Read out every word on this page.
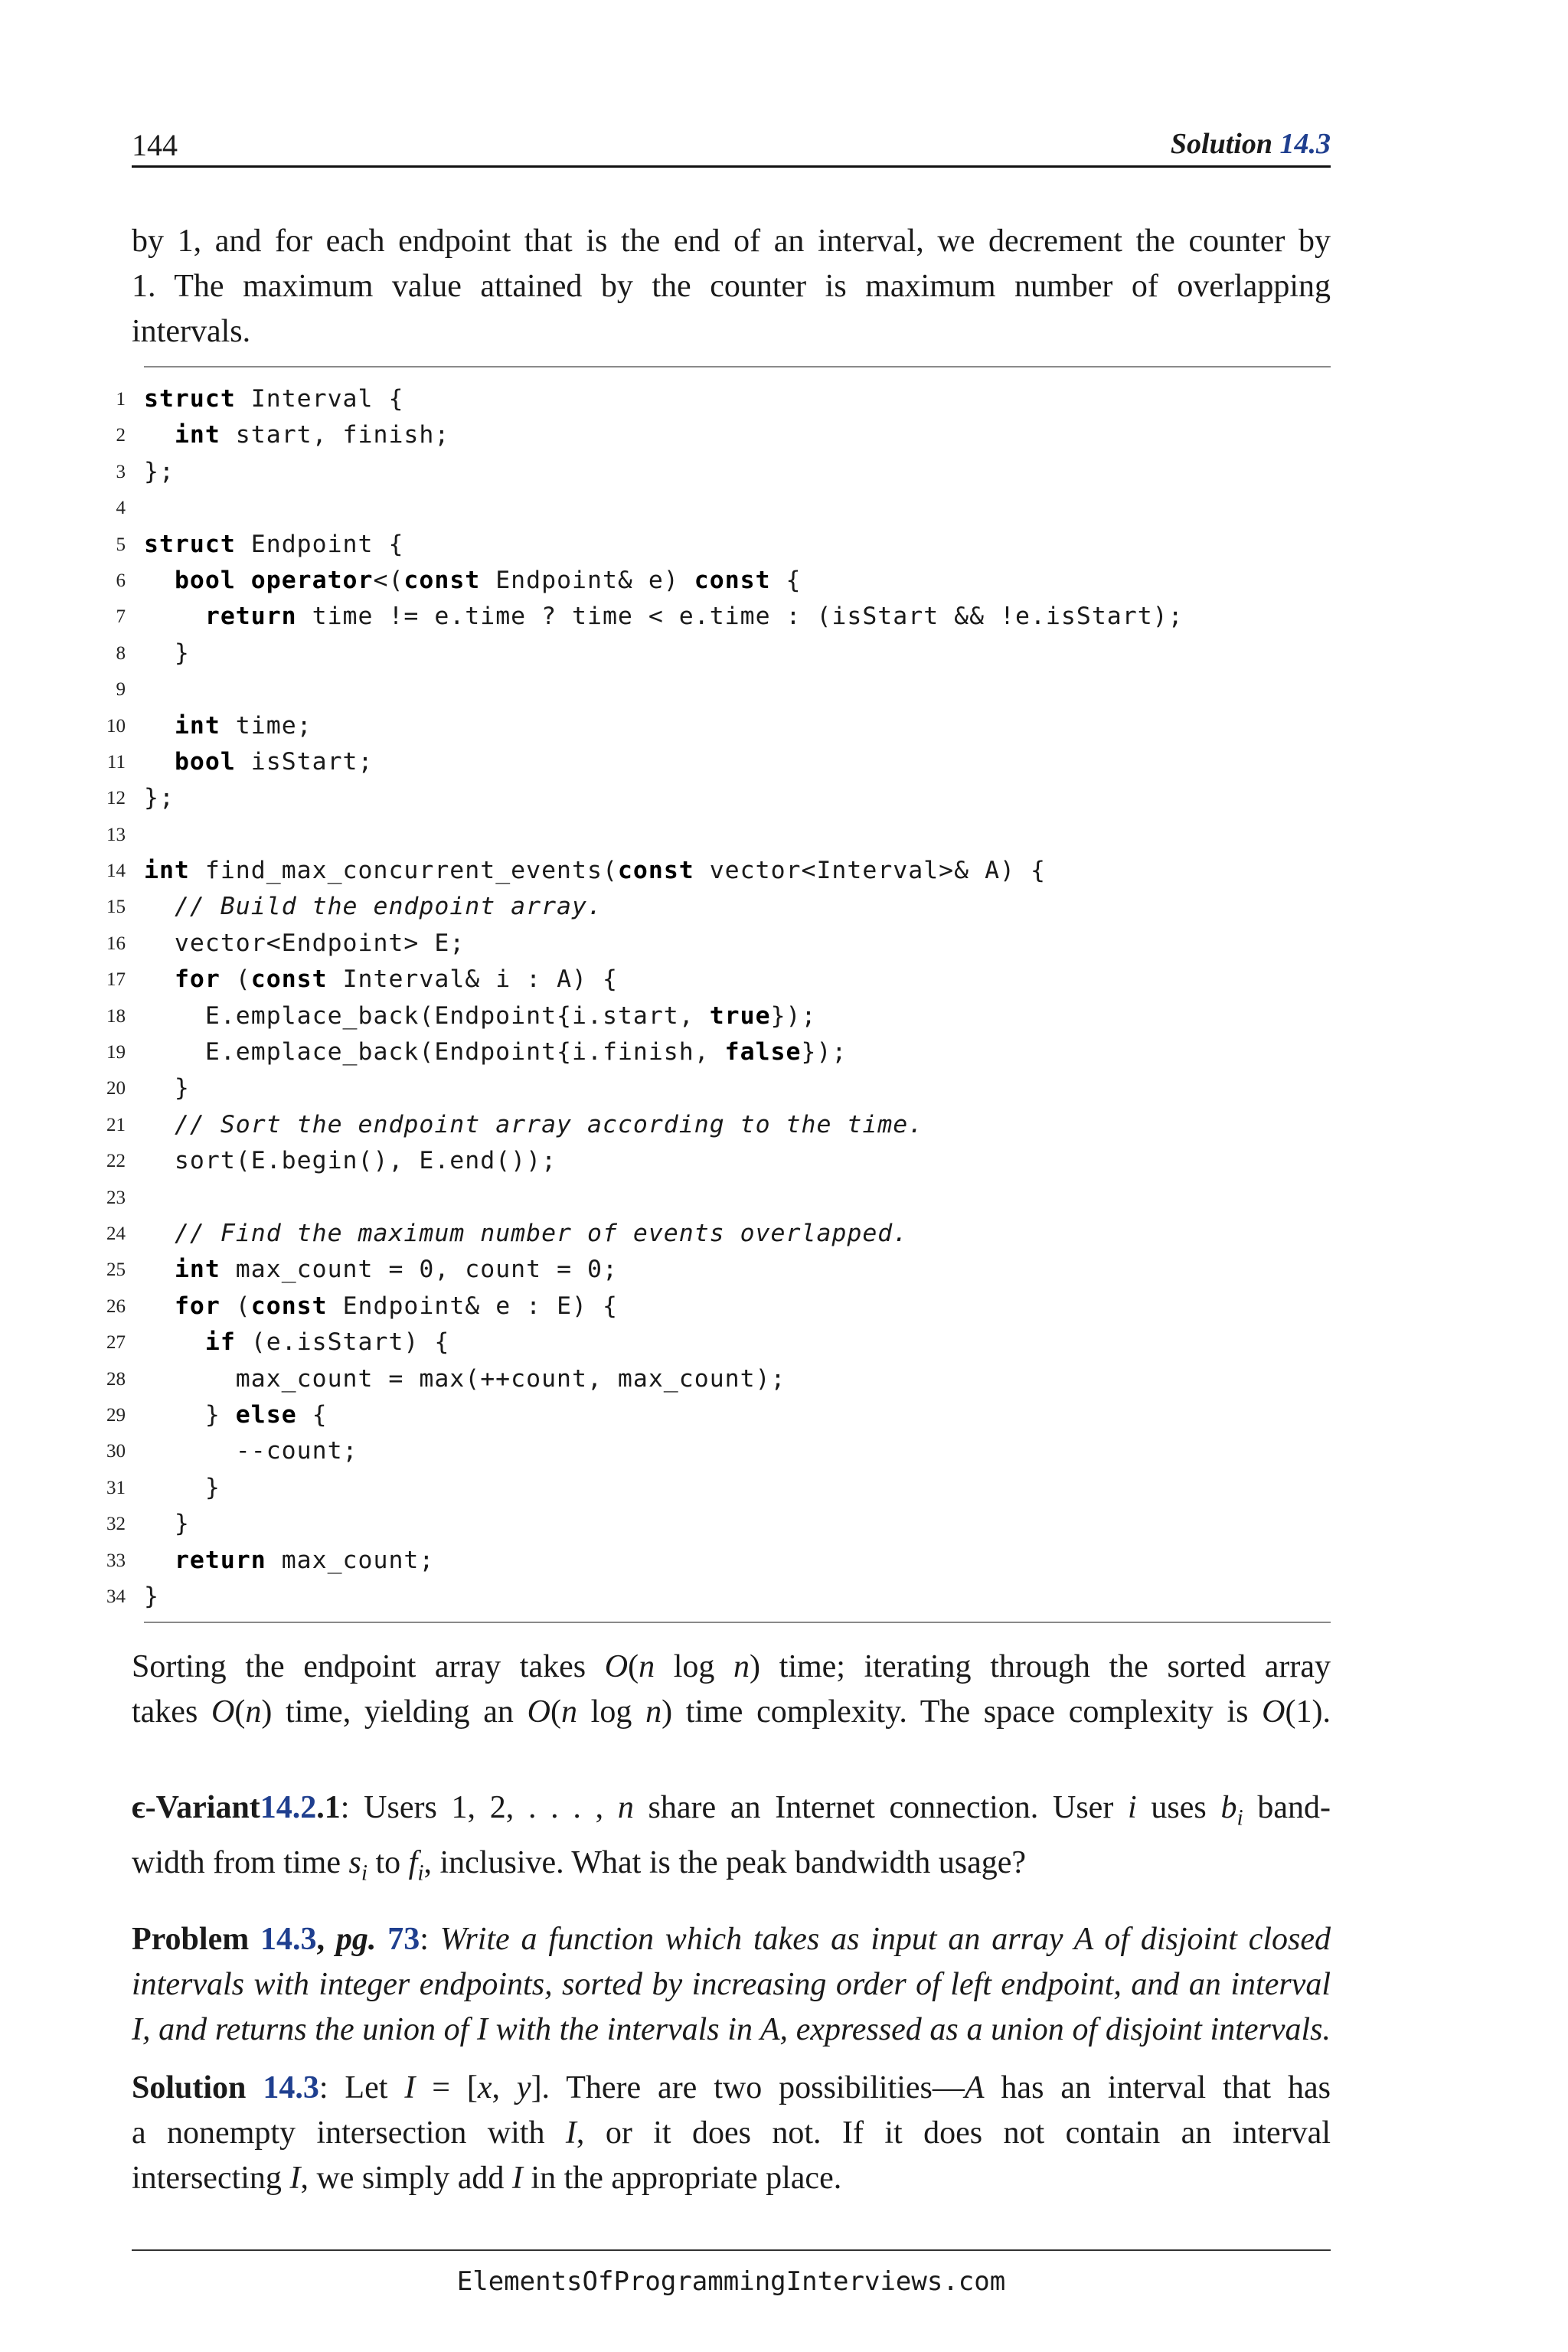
144	Solution 14.3
by 1, and for each endpoint that is the end of an interval, we decrement the counter by
1. The maximum value attained by the counter is maximum number of overlapping
intervals.
1 struct Interval {
2	int start, finish;
3 };
4
5 struct Endpoint {
6	bool operator<(const Endpoint& e) const {
7	return time != e.time ? time < e.time : (isStart && !e.isStart);
8 }
9
10	int time;
11	bool isStart;
12 };
13
14 int find_max_concurrent_events(const vector<Interval>& A) {
15	// Build the endpoint array.
16 vector<Endpoint> E;
17	for (const Interval& i : A) {
18 E.emplace_back(Endpoint{i.start, true});
19 E.emplace_back(Endpoint{i.finish, false});
20 }
21	// Sort the endpoint array according to the time.
22 sort(E.begin(), E.end());
23
24	// Find the maximum number of events overlapped.
25	int max_count = 0, count = 0;
26	for (const Endpoint& e : E) {
27	if (e.isStart) {
28 max_count = max(++count, max_count);
29 } else {
30 --count;
31 }
32 }
33	return max_count;
34 }
Sorting the endpoint array takes O(n log n) time; iterating through the sorted array
takes O(n) time, yielding an O(n log n) time complexity. The space complexity is O(1).
ϵ-Variant14.2.1: Users 1, 2, . . . , n share an Internet connection. User i uses $b_i$ band-
width from time $s_i$ to $f_i$, inclusive. What is the peak bandwidth usage?
Problem 14.3, pg. 73: Write a function which takes as input an array A of disjoint closed
intervals with integer endpoints, sorted by increasing order of left endpoint, and an interval
I, and returns the union of I with the intervals in A, expressed as a union of disjoint intervals.
Solution 14.3: Let I = [x, y]. There are two possibilities—A has an interval that has
a nonempty intersection with I, or it does not. If it does not contain an interval
intersecting I, we simply add I in the appropriate place.
ElementsOfProgrammingInterviews.com
